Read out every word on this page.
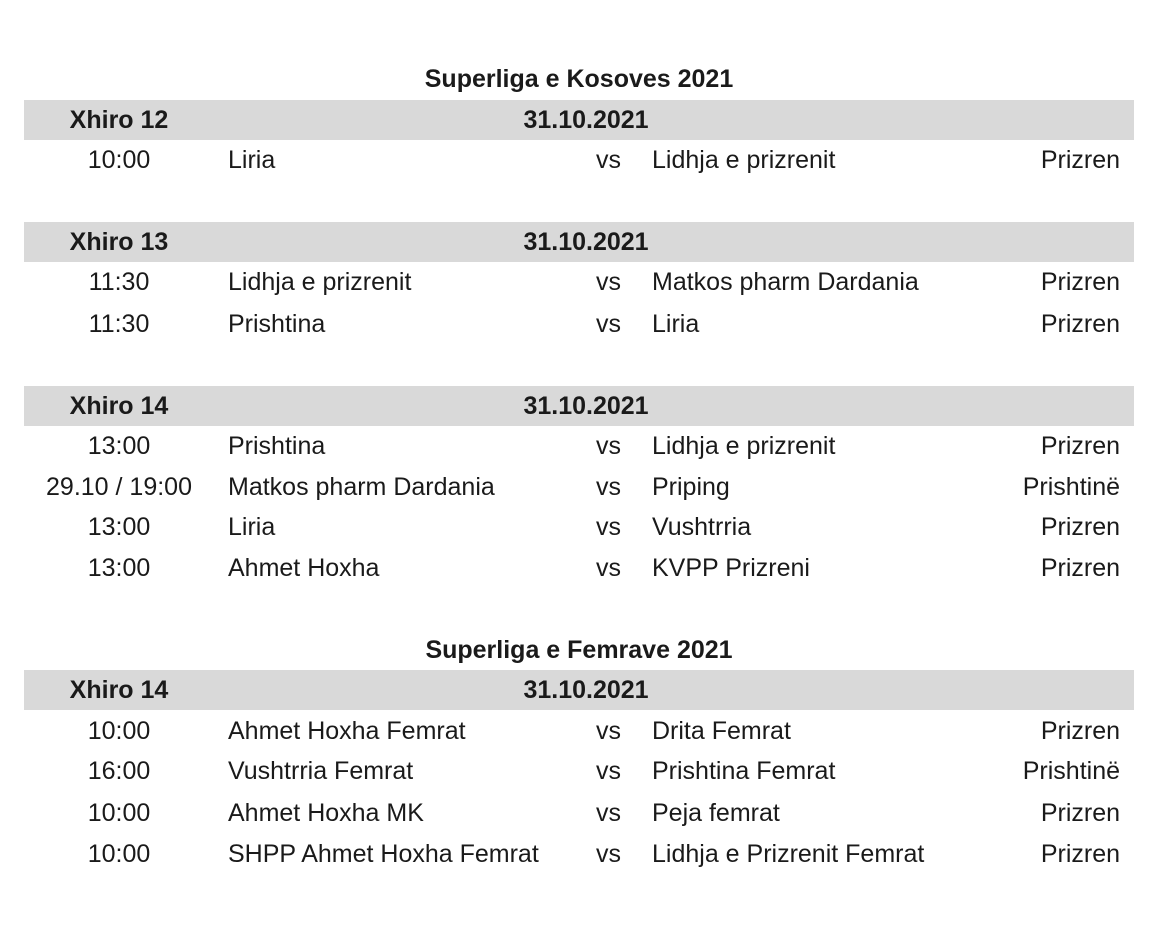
Superliga e Kosoves 2021
Xhiro 12	31.10.2021
10:00	Liria	vs Lidhja e prizrenit	Prizren
Xhiro 13	31.10.2021
11:30	Lidhja e prizrenit	vs Matkos pharm Dardania	Prizren
11:30	Prishtina	vs Liria	Prizren
Xhiro 14	31.10.2021
13:00	Prishtina	vs Lidhja e prizrenit	Prizren
29.10 / 19:00	Matkos pharm Dardania	vs Priping	Prishtinë
13:00	Liria	vs Vushtrria	Prizren
13:00	Ahmet Hoxha	vs KVPP Prizreni	Prizren
Superliga e Femrave 2021
Xhiro 14	31.10.2021
10:00	Ahmet Hoxha Femrat	vs Drita Femrat	Prizren
16:00	Vushtrria Femrat	vs Prishtina Femrat	Prishtinë
10:00	Ahmet Hoxha MK	vs Peja femrat	Prizren
10:00	SHPP Ahmet Hoxha Femrat vs Lidhja e Prizrenit Femrat	Prizren
